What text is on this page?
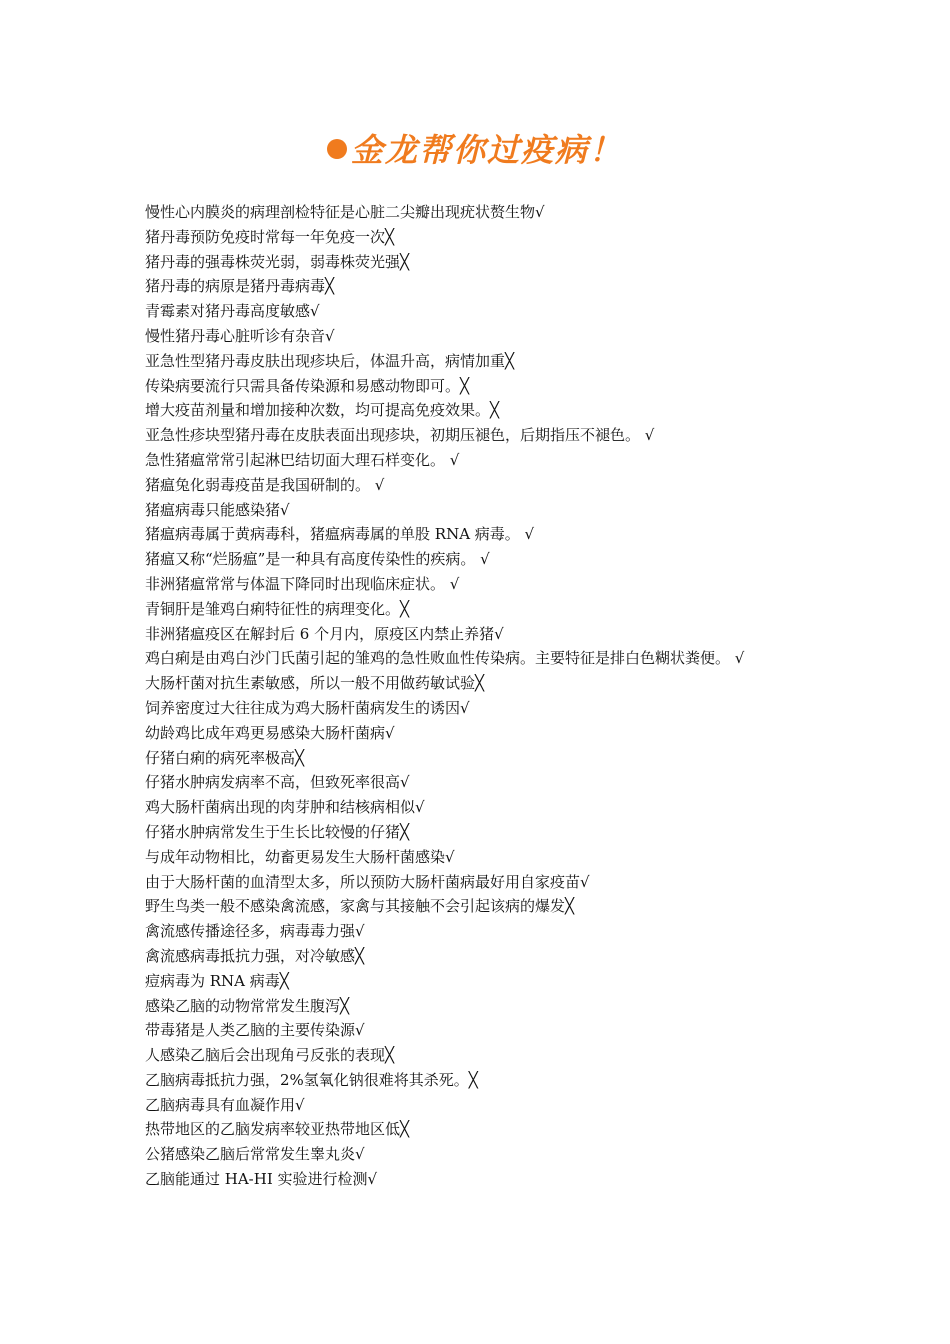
金龙帮你过疫病！
慢性心内膜炎的病理剖检特征是心脏二尖瓣出现疣状赘生物√
猪丹毒预防免疫时常每一年免疫一次╳
猪丹毒的强毒株荧光弱，弱毒株荧光强╳
猪丹毒的病原是猪丹毒病毒╳
青霉素对猪丹毒高度敏感√
慢性猪丹毒心脏听诊有杂音√
亚急性型猪丹毒皮肤出现疹块后，体温升高，病情加重╳
传染病要流行只需具备传染源和易感动物即可。╳
增大疫苗剂量和增加接种次数，均可提高免疫效果。╳
亚急性疹块型猪丹毒在皮肤表面出现疹块，初期压褪色，后期指压不褪色。 √
急性猪瘟常常引起淋巴结切面大理石样变化。 √
猪瘟兔化弱毒疫苗是我国研制的。 √
猪瘟病毒只能感染猪√
猪瘟病毒属于黄病毒科，猪瘟病毒属的单股 RNA 病毒。 √
猪瘟又称“烂肠瘟”是一种具有高度传染性的疾病。 √
非洲猪瘟常常与体温下降同时出现临床症状。 √
青铜肝是雏鸡白痢特征性的病理变化。╳
非洲猪瘟疫区在解封后 6 个月内，原疫区内禁止养猪√
鸡白痢是由鸡白沙门氏菌引起的雏鸡的急性败血性传染病。主要特征是排白色糊状粪便。 √
大肠杆菌对抗生素敏感，所以一般不用做药敏试验╳
饲养密度过大往往成为鸡大肠杆菌病发生的诱因√
幼龄鸡比成年鸡更易感染大肠杆菌病√
仔猪白痢的病死率极高╳
仔猪水肿病发病率不高，但致死率很高√
鸡大肠杆菌病出现的肉芽肿和结核病相似√
仔猪水肿病常发生于生长比较慢的仔猪╳
与成年动物相比，幼畜更易发生大肠杆菌感染√
由于大肠杆菌的血清型太多，所以预防大肠杆菌病最好用自家疫苗√
野生鸟类一般不感染禽流感，家禽与其接触不会引起该病的爆发╳
禽流感传播途径多，病毒毒力强√
禽流感病毒抵抗力强，对冷敏感╳
痘病毒为 RNA 病毒╳
感染乙脑的动物常常发生腹泻╳
带毒猪是人类乙脑的主要传染源√
人感染乙脑后会出现角弓反张的表现╳
乙脑病毒抵抗力强，2%氢氧化钠很难将其杀死。╳
乙脑病毒具有血凝作用√
热带地区的乙脑发病率较亚热带地区低╳
公猪感染乙脑后常常发生睾丸炎√
乙脑能通过 HA-HI 实验进行检测√
